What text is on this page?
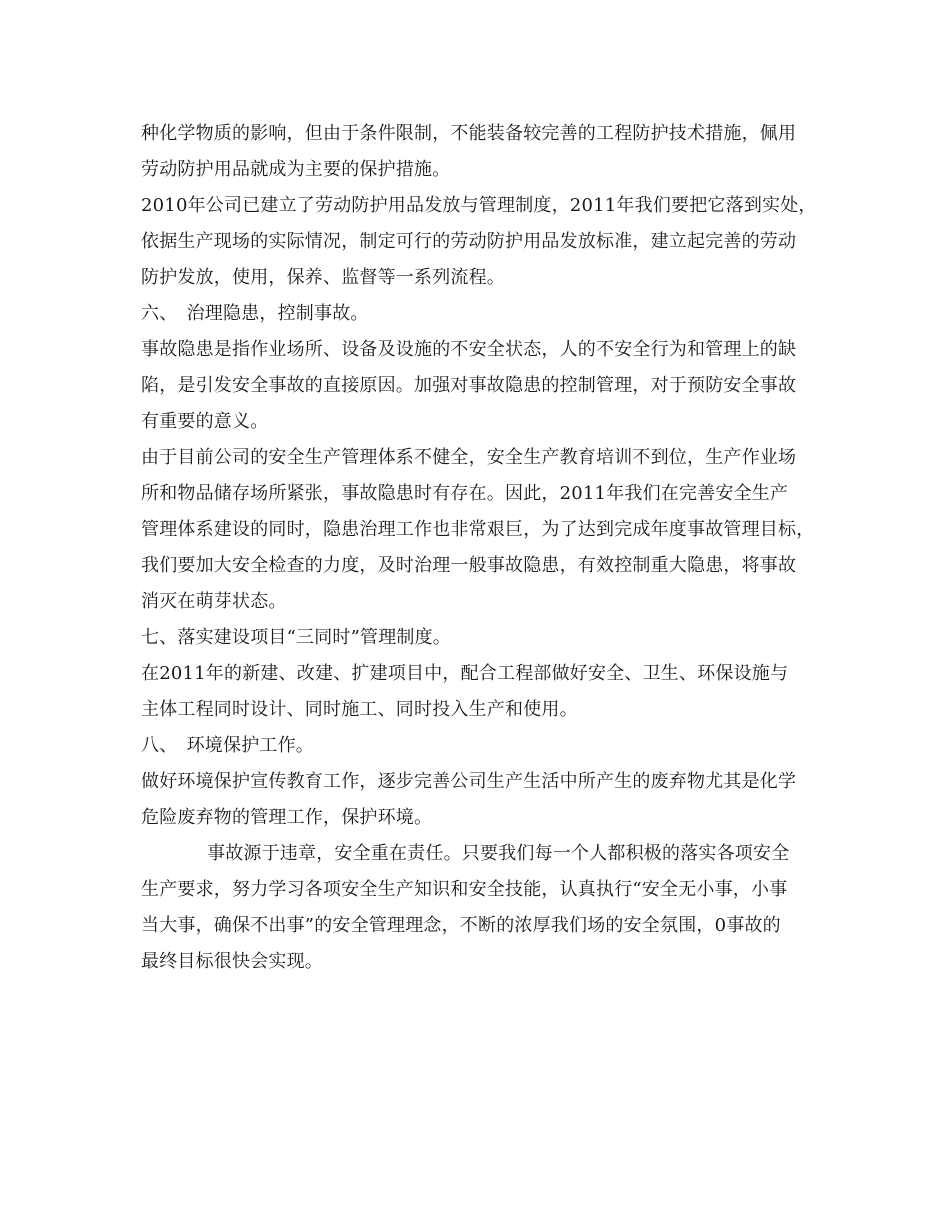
种化学物质的影响，但由于条件限制，不能装备较完善的工程防护技术措施，佩用
劳动防护用品就成为主要的保护措施。
2010年公司已建立了劳动防护用品发放与管理制度，2011年我们要把它落到实处，
依据生产现场的实际情况，制定可行的劳动防护用品发放标准，建立起完善的劳动
防护发放，使用，保养、监督等一系列流程。
六、　治理隐患，控制事故。
事故隐患是指作业场所、设备及设施的不安全状态，人的不安全行为和管理上的缺
陷，是引发安全事故的直接原因。加强对事故隐患的控制管理，对于预防安全事故
有重要的意义。
由于目前公司的安全生产管理体系不健全，安全生产教育培训不到位，生产作业场
所和物品储存场所紧张，事故隐患时有存在。因此，2011年我们在完善安全生产
管理体系建设的同时，隐患治理工作也非常艰巨，为了达到完成年度事故管理目标，
我们要加大安全检查的力度，及时治理一般事故隐患，有效控制重大隐患，将事故
消灭在萌芽状态。
七、落实建设项目“三同时”管理制度。
在2011年的新建、改建、扩建项目中，配合工程部做好安全、卫生、环保设施与
主体工程同时设计、同时施工、同时投入生产和使用。
八、　环境保护工作。
做好环境保护宣传教育工作，逐步完善公司生产生活中所产生的废弃物尤其是化学
危险废弃物的管理工作，保护环境。
事故源于违章，安全重在责任。只要我们每一个人都积极的落实各项安全
生产要求，努力学习各项安全生产知识和安全技能，认真执行“安全无小事，小事
当大事，确保不出事”的安全管理理念，不断的浓厚我们场的安全氛围，0事故的
最终目标很快会实现。
